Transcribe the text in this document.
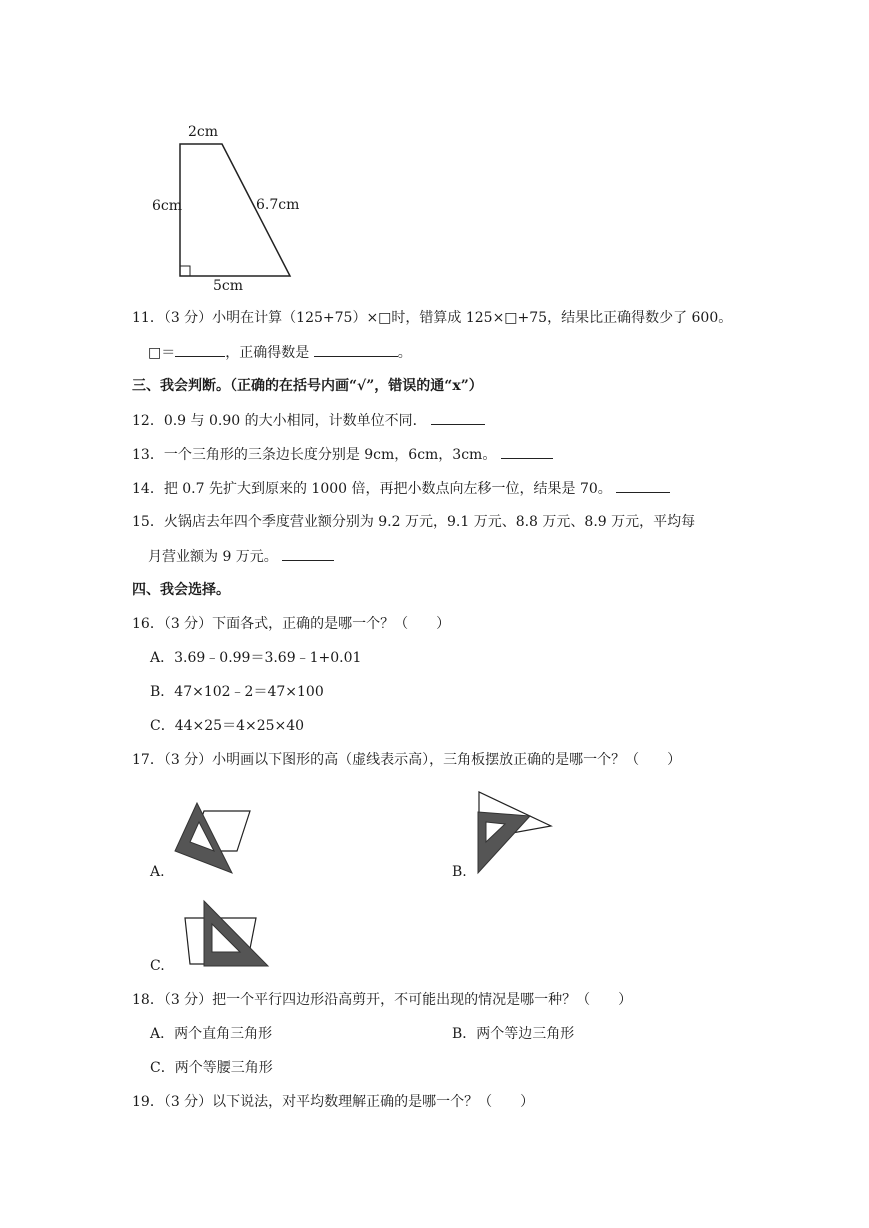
2cm
6cm	6.7cm
5cm
11．（3 分）小明在计算（125+75）×□时，错算成 125×□+75，结果比正确得数少了 600。
□＝	，正确得数是	。
三、我会判断。（正确的在括号内画“√”，错误的通“x”）
12．0.9 与 0.90 的大小相同，计数单位不同．
13．一个三角形的三条边长度分别是 9cm，6cm，3cm。
14．把 0.7 先扩大到原来的 1000 倍，再把小数点向左移一位，结果是 70。
15．火锅店去年四个季度营业额分别为 9.2 万元，9.1 万元、8.8 万元、8.9 万元，平均每
月营业额为 9 万元。
四、我会选择。
16．（3 分）下面各式，正确的是哪一个？（　　）
A．3.69﹣0.99＝3.69﹣1+0.01
B．47×102﹣2＝47×100
C．44×25＝4×25×40
17．（3 分）小明画以下图形的高（虚线表示高），三角板摆放正确的是哪一个？（　　）
A.	B.
C.
18．（3 分）把一个平行四边形沿高剪开，不可能出现的情况是哪一种？（　　）
A．两个直角三角形	B．两个等边三角形
C．两个等腰三角形
19．（3 分）以下说法，对平均数理解正确的是哪一个？（　　）
